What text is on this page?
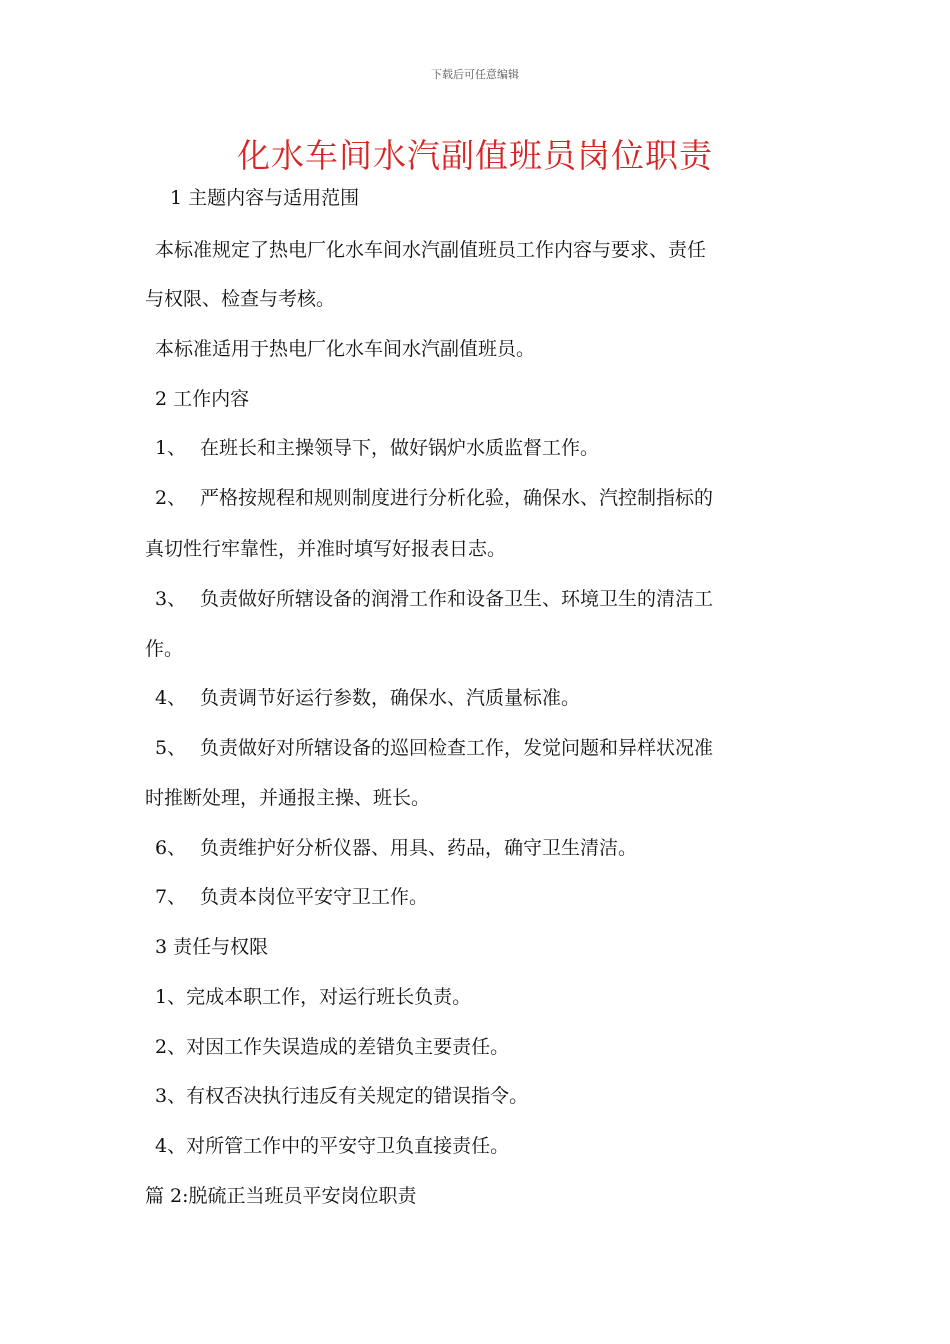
下载后可任意编辑
化水车间水汽副值班员岗位职责
1 主题内容与适用范围
本标准规定了热电厂化水车间水汽副值班员工作内容与要求、责任
与权限、检查与考核。
本标准适用于热电厂化水车间水汽副值班员。
2 工作内容
1、 在班长和主操领导下，做好锅炉水质监督工作。
2、 严格按规程和规则制度进行分析化验，确保水、汽控制指标的
真切性行牢靠性，并准时填写好报表日志。
3、 负责做好所辖设备的润滑工作和设备卫生、环境卫生的清洁工
作。
4、 负责调节好运行参数，确保水、汽质量标准。
5、 负责做好对所辖设备的巡回检查工作，发觉问题和异样状况准
时推断处理，并通报主操、班长。
6、 负责维护好分析仪器、用具、药品，确守卫生清洁。
7、 负责本岗位平安守卫工作。
3 责任与权限
1、完成本职工作，对运行班长负责。
2、对因工作失误造成的差错负主要责任。
3、有权否决执行违反有关规定的错误指令。
4、对所管工作中的平安守卫负直接责任。
篇 2:脱硫正当班员平安岗位职责
